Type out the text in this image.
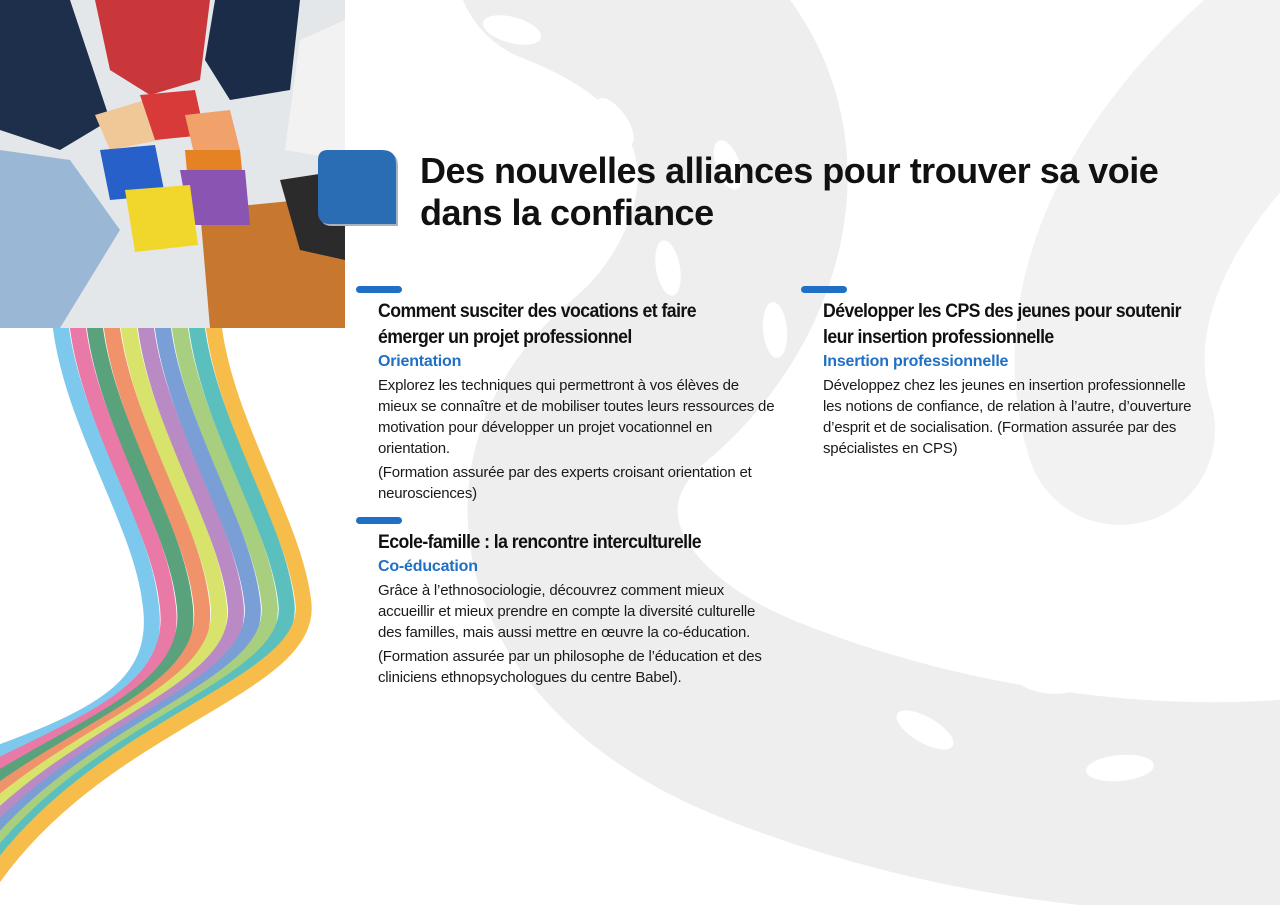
Des nouvelles alliances pour trouver sa voie dans la confiance
Comment susciter des vocations et faire émerger un projet professionnel
Orientation

Explorez les techniques qui permettront à vos élèves de mieux se connaître et de mobiliser toutes leurs ressources de motivation pour développer un projet vocationnel en orientation.

(Formation assurée par des experts croisant orientation et neurosciences)

Développer les CPS des jeunes pour soutenir leur insertion professionnelle
Insertion professionnelle

Développez chez les jeunes en insertion professionnelle les notions de confiance, de relation à l’autre, d’ouverture d’esprit et de socialisation. (Formation assurée par des spécialistes en CPS)

Ecole-famille : la rencontre interculturelle
Co-éducation

Grâce à l’ethnosociologie, découvrez comment mieux accueillir et mieux prendre en compte la diversité culturelle des familles, mais aussi mettre en œuvre la co-éducation.

(Formation assurée par un philosophe de l’éducation et des cliniciens ethnopsychologues du centre Babel).
